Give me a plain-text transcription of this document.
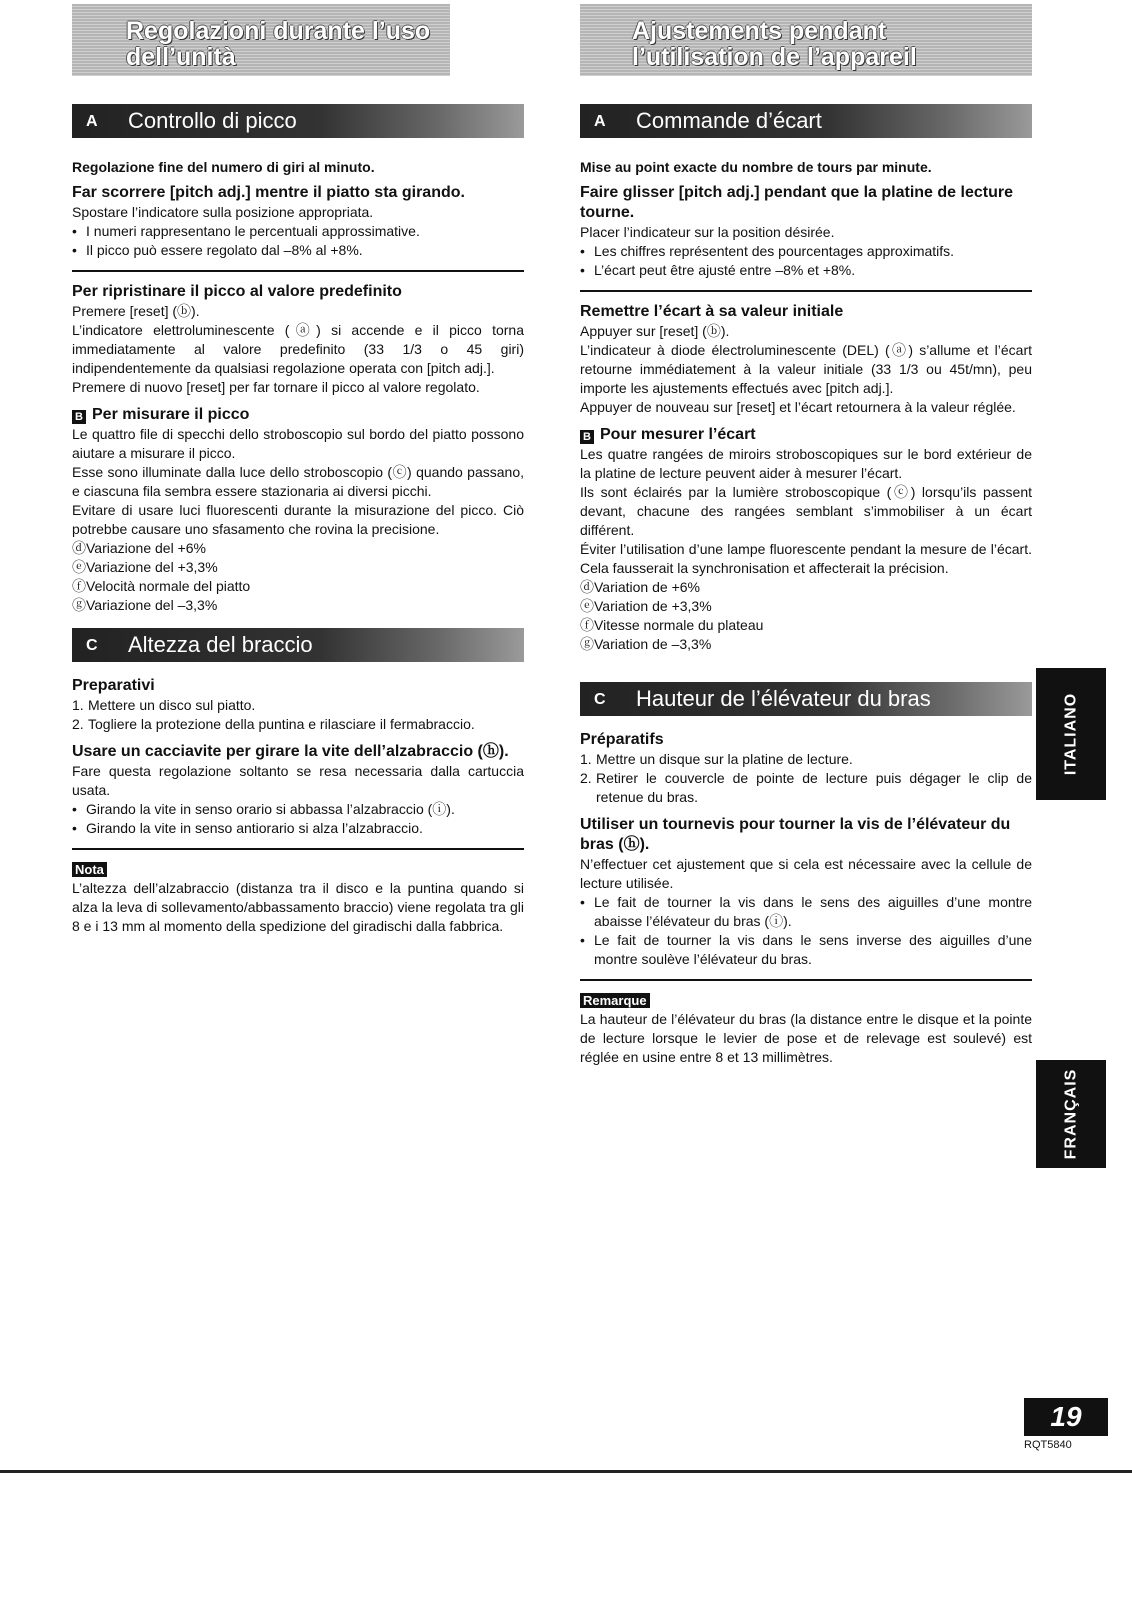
Regolazioni durante l’uso
dell’unità
Ajustements pendant
l’utilisation de l’appareil
A Controllo di picco

Regolazione fine del numero di giri al minuto.

Far scorrere [pitch adj.] mentre il piatto sta girando.

Spostare l’indicatore sulla posizione appropriata.

• I numeri rappresentano le percentuali approssimative.
• Il picco può essere regolato dal –8% al +8%.
Per ripristinare il picco al valore predefinito

Premere [reset] (ⓑ).

L’indicatore elettroluminescente (ⓐ) si accende e il picco torna immediatamente al valore predefinito (33 1/3 o 45 giri) indipendentemente da qualsiasi regolazione operata con [pitch adj.].

Premere di nuovo [reset] per far tornare il picco al valore regolato.

B Per misurare il picco

Le quattro file di specchi dello stroboscopio sul bordo del piatto possono aiutare a misurare il picco.

Esse sono illuminate dalla luce dello stroboscopio (ⓒ) quando passano, e ciascuna fila sembra essere stazionaria ai diversi picchi.

Evitare di usare luci fluorescenti durante la misurazione del picco. Ciò potrebbe causare uno sfasamento che rovina la precisione.

ⓓVariazione del +6%

ⓔVariazione del +3,3%

ⓕVelocità normale del piatto

ⓖVariazione del –3,3%

C Altezza del braccio
Preparativi
1. Mettere un disco sul piatto.
2. Togliere la protezione della puntina e rilasciare il fermabraccio.
Usare un cacciavite per girare la vite dell’alzabraccio (ⓗ).

Fare questa regolazione soltanto se resa necessaria dalla cartuccia usata.

• Girando la vite in senso orario si abbassa l’alzabraccio (ⓘ).
• Girando la vite in senso antiorario si alza l’alzabraccio.
Nota

L’altezza dell’alzabraccio (distanza tra il disco e la puntina quando si alza la leva di sollevamento/abbassamento braccio) viene regolata tra gli 8 e i 13 mm al momento della spedizione del giradischi dalla fabbrica.

A Commande d’écart

Mise au point exacte du nombre de tours par minute.

Faire glisser [pitch adj.] pendant que la platine de lecture tourne.

Placer l’indicateur sur la position désirée.

• Les chiffres représentent des pourcentages approximatifs.
• L’écart peut être ajusté entre –8% et +8%.
Remettre l’écart à sa valeur initiale

Appuyer sur [reset] (ⓑ).

L’indicateur à diode électroluminescente (DEL) (ⓐ) s’allume et l’écart retourne immédiatement à la valeur initiale (33 1/3 ou 45t/mn), peu importe les ajustements effectués avec [pitch adj.].

Appuyer de nouveau sur [reset] et l’écart retournera à la valeur réglée.

B Pour mesurer l’écart

Les quatre rangées de miroirs stroboscopiques sur le bord extérieur de la platine de lecture peuvent aider à mesurer l’écart.

Ils sont éclairés par la lumière stroboscopique (ⓒ) lorsqu’ils passent devant, chacune des rangées semblant s’immobiliser à un écart différent.

Éviter l’utilisation d’une lampe fluorescente pendant la mesure de l’écart. Cela fausserait la synchronisation et affecterait la précision.

ⓓVariation de +6%

ⓔVariation de +3,3%

ⓕVitesse normale du plateau

ⓖVariation de –3,3%

C Hauteur de l’élévateur du bras
Préparatifs
1. Mettre un disque sur la platine de lecture.
2. Retirer le couvercle de pointe de lecture puis dégager le clip de retenue du bras.
Utiliser un tournevis pour tourner la vis de l’élévateur du bras (ⓗ).

N’effectuer cet ajustement que si cela est nécessaire avec la cellule de lecture utilisée.

• Le fait de tourner la vis dans le sens des aiguilles d’une montre abaisse l’élévateur du bras (ⓘ).
• Le fait de tourner la vis dans le sens inverse des aiguilles d’une montre soulève l’élévateur du bras.
Remarque

La hauteur de l’élévateur du bras (la distance entre le disque et la pointe de lecture lorsque le levier de pose et de relevage est soulevé) est réglée en usine entre 8 et 13 millimètres.

ITALIANO
FRANÇAIS
19
RQT5840
